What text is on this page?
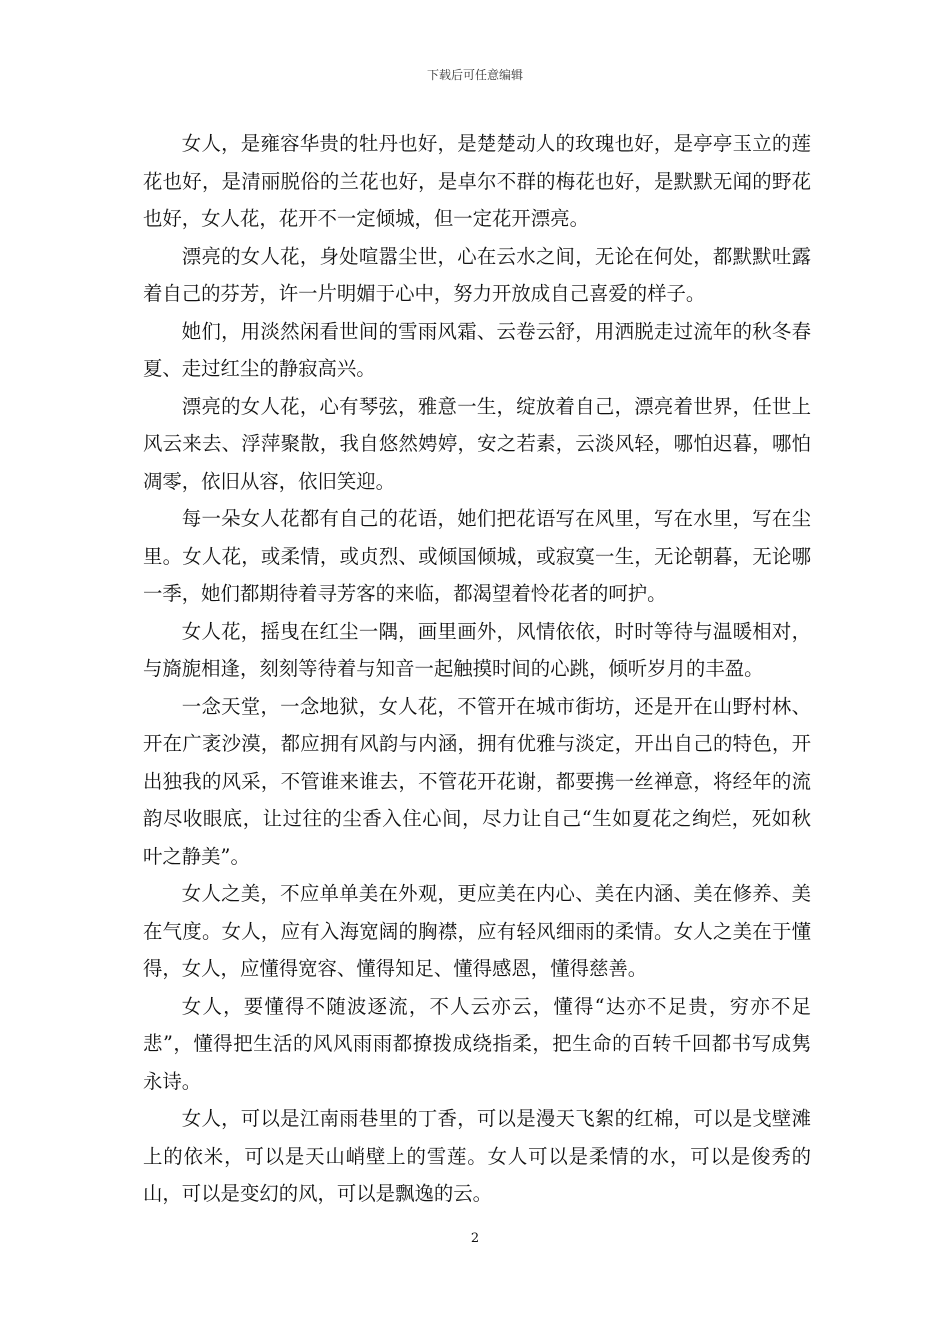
下载后可任意编辑

女人，是雍容华贵的牡丹也好，是楚楚动人的玫瑰也好，是亭亭玉立的莲花也好，是清丽脱俗的兰花也好，是卓尔不群的梅花也好，是默默无闻的野花也好，女人花，花开不一定倾城，但一定花开漂亮。

漂亮的女人花，身处喧嚣尘世，心在云水之间，无论在何处，都默默吐露着自己的芬芳，许一片明媚于心中，努力开放成自己喜爱的样子。

她们，用淡然闲看世间的雪雨风霜、云卷云舒，用洒脱走过流年的秋冬春夏、走过红尘的静寂高兴。

漂亮的女人花，心有琴弦，雅意一生，绽放着自己，漂亮着世界，任世上风云来去、浮萍聚散，我自悠然娉婷，安之若素，云淡风轻，哪怕迟暮，哪怕凋零，依旧从容，依旧笑迎。

每一朵女人花都有自己的花语，她们把花语写在风里，写在水里，写在尘里。女人花，或柔情，或贞烈、或倾国倾城，或寂寞一生，无论朝暮，无论哪一季，她们都期待着寻芳客的来临，都渴望着怜花者的呵护。

女人花，摇曳在红尘一隅，画里画外，风情依依，时时等待与温暖相对，与旖旎相逢，刻刻等待着与知音一起触摸时间的心跳，倾听岁月的丰盈。

一念天堂，一念地狱，女人花，不管开在城市街坊，还是开在山野村林、开在广袤沙漠，都应拥有风韵与内涵，拥有优雅与淡定，开出自己的特色，开出独我的风采，不管谁来谁去，不管花开花谢，都要携一丝禅意，将经年的流韵尽收眼底，让过往的尘香入住心间，尽力让自己“生如夏花之绚烂，死如秋叶之静美”。

女人之美，不应单单美在外观，更应美在内心、美在内涵、美在修养、美在气度。女人，应有入海宽阔的胸襟，应有轻风细雨的柔情。女人之美在于懂得，女人，应懂得宽容、懂得知足、懂得感恩，懂得慈善。

女人，要懂得不随波逐流，不人云亦云，懂得“达亦不足贵，穷亦不足悲”，懂得把生活的风风雨雨都撩拨成绕指柔，把生命的百转千回都书写成隽永诗。

女人，可以是江南雨巷里的丁香，可以是漫天飞絮的红棉，可以是戈壁滩上的依米，可以是天山峭壁上的雪莲。女人可以是柔情的水，可以是俊秀的山，可以是变幻的风，可以是飘逸的云。

2
